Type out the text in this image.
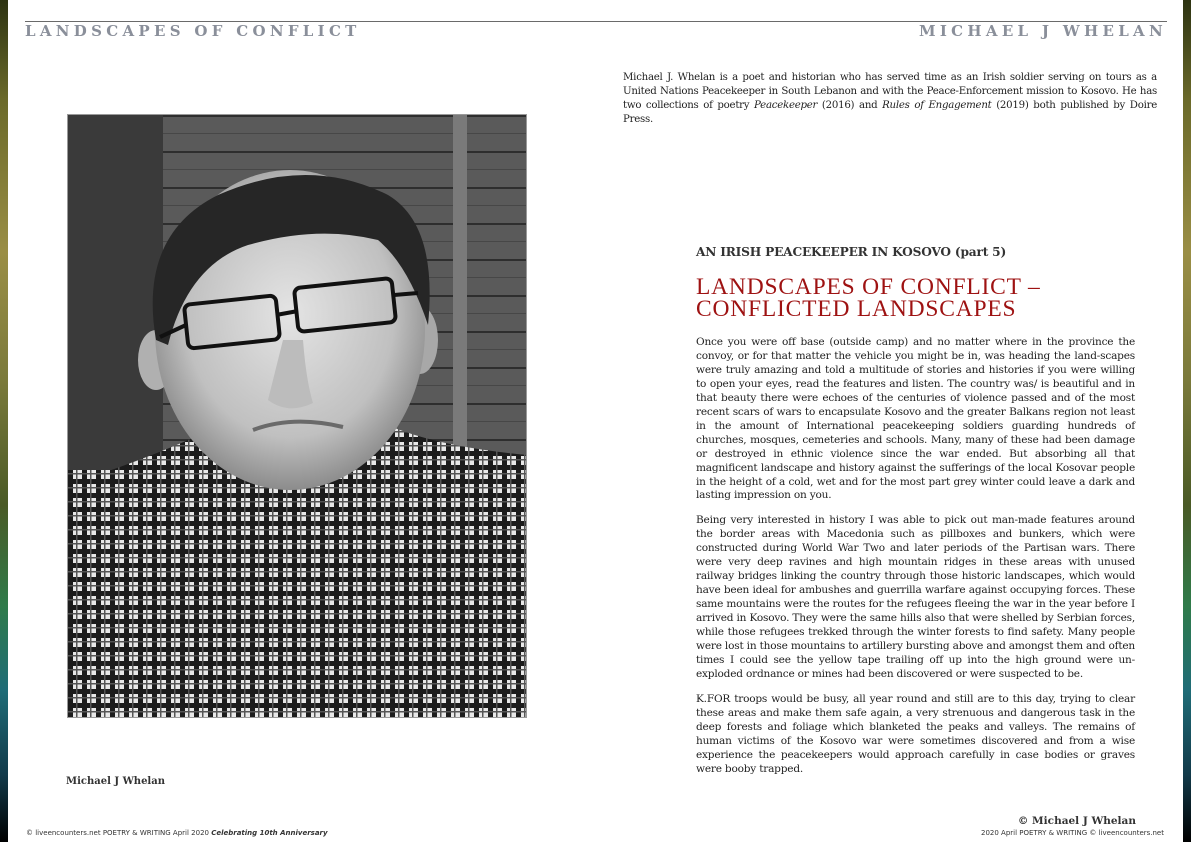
LANDSCAPES OF CONFLICT	MICHAEL J WHELAN
Michael J. Whelan is a poet and historian who has served time as an Irish soldier serving on tours as a United Nations Peacekeeper in South Lebanon and with the Peace-Enforcement mission to Kosovo. He has two collections of poetry Peacekeeper (2016) and Rules of Engagement (2019) both published by Doire Press.
Michael J Whelan
AN IRISH PEACEKEEPER IN KOSOVO (part 5)
LANDSCAPES OF CONFLICT –
CONFLICTED LANDSCAPES

Once you were off base (outside camp) and no matter where in the province the convoy, or for that matter the vehicle you might be in, was heading the land-scapes were truly amazing and told a multitude of stories and histories if you were willing to open your eyes, read the features and listen. The country was/ is beautiful and in that beauty there were echoes of the centuries of violence passed and of the most recent scars of wars to encapsulate Kosovo and the greater Balkans region not least in the amount of International peacekeeping soldiers guarding hundreds of churches, mosques, cemeteries and schools. Many, many of these had been damage or destroyed in ethnic violence since the war ended. But absorbing all that magnificent landscape and history against the sufferings of the local Kosovar people in the height of a cold, wet and for the most part grey winter could leave a dark and lasting impression on you.

Being very interested in history I was able to pick out man-made features around the border areas with Macedonia such as pillboxes and bunkers, which were constructed during World War Two and later periods of the Partisan wars. There were very deep ravines and high mountain ridges in these areas with unused railway bridges linking the country through those historic landscapes, which would have been ideal for ambushes and guerrilla warfare against occupying forces. These same mountains were the routes for the refugees fleeing the war in the year before I arrived in Kosovo. They were the same hills also that were shelled by Serbian forces, while those refugees trekked through the winter forests to find safety. Many people were lost in those mountains to artillery bursting above and amongst them and often times I could see the yellow tape trailing off up into the high ground were un-exploded ordnance or mines had been discovered or were suspected to be.

K.FOR troops would be busy, all year round and still are to this day, trying to clear these areas and make them safe again, a very strenuous and dangerous task in the deep forests and foliage which blanketed the peaks and valleys. The remains of human victims of the Kosovo war were sometimes discovered and from a wise experience the peacekeepers would approach carefully in case bodies or graves were booby trapped.

© Michael J Whelan
© liveencounters.net POETRY & WRITING April 2020 Celebrating 10th Anniversary	2020 April POETRY & WRITING © liveencounters.net
